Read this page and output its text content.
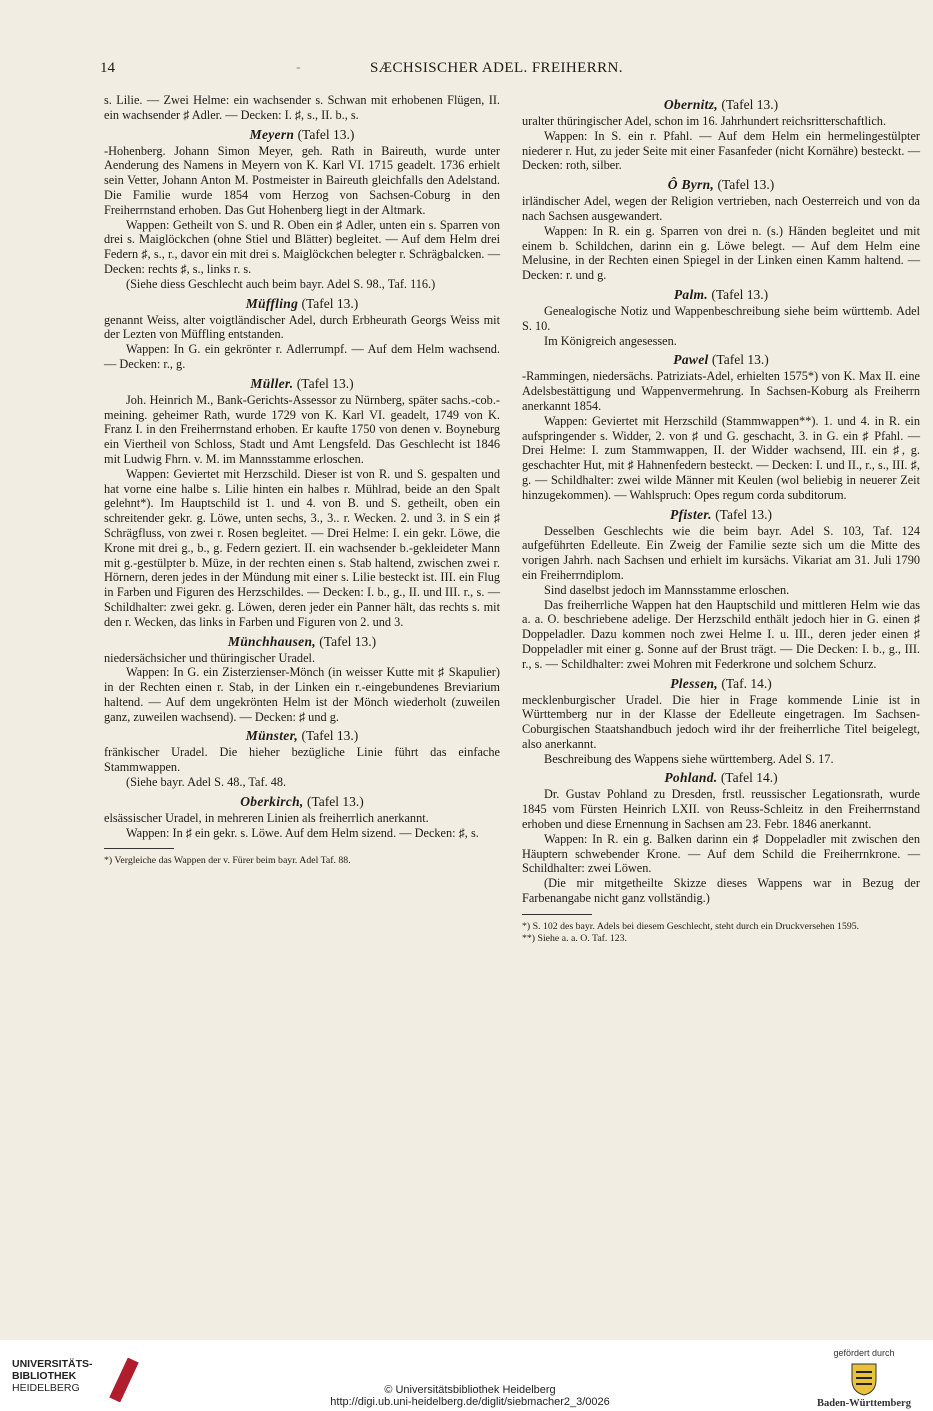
14	-	SÆCHSISCHER ADEL. FREIHERRN.

s. Lilie. — Zwei Helme: ein wachsender s. Schwan mit erhobenen Flügen, II. ein wachsender ♯ Adler. — Decken: I. ♯, s., II. b., s.

Meyern (Tafel 13.)

-Hohenberg. Johann Simon Meyer, geh. Rath in Baireuth, wurde unter Aenderung des Namens in Meyern von K. Karl VI. 1715 geadelt. 1736 erhielt sein Vetter, Johann Anton M. Postmeister in Baireuth gleichfalls den Adelstand. Die Familie wurde 1854 vom Herzog von Sachsen-Coburg in den Freiherrnstand erhoben. Das Gut Hohenberg liegt in der Altmark.

Wappen: Getheilt von S. und R. Oben ein ♯ Adler, unten ein s. Sparren von drei s. Maiglöckchen (ohne Stiel und Blätter) begleitet. — Auf dem Helm drei Federn ♯, s., r., davor ein mit drei s. Maiglöckchen belegter r. Schrägbalcken. — Decken: rechts ♯, s., links r. s.

(Siehe diess Geschlecht auch beim bayr. Adel S. 98., Taf. 116.)

Müffling (Tafel 13.)

genannt Weiss, alter voigtländischer Adel, durch Erbheurath Georgs Weiss mit der Lezten von Müffling entstanden.

Wappen: In G. ein gekrönter r. Adlerrumpf. — Auf dem Helm wachsend. — Decken: r., g.

Müller. (Tafel 13.)

Joh. Heinrich M., Bank-Gerichts-Assessor zu Nürnberg, später sachs.-cob.-meining. geheimer Rath, wurde 1729 von K. Karl VI. geadelt, 1749 von K. Franz I. in den Freiherrnstand erhoben. Er kaufte 1750 von denen v. Boyneburg ein Viertheil von Schloss, Stadt und Amt Lengsfeld. Das Geschlecht ist 1846 mit Ludwig Fhrn. v. M. im Mannsstamme erloschen.

Wappen: Geviertet mit Herzschild. Dieser ist von R. und S. gespalten und hat vorne eine halbe s. Lilie hinten ein halbes r. Mühlrad, beide an den Spalt gelehnt*). Im Hauptschild ist 1. und 4. von B. und S. getheilt, oben ein schreitender gekr. g. Löwe, unten sechs, 3., 3.. r. Wecken. 2. und 3. in S ein ♯ Schrägfluss, von zwei r. Rosen begleitet. — Drei Helme: I. ein gekr. Löwe, die Krone mit drei g., b., g. Federn geziert. II. ein wachsender b.-gekleideter Mann mit g.-gestülpter b. Müze, in der rechten einen s. Stab haltend, zwischen zwei r. Hörnern, deren jedes in der Mündung mit einer s. Lilie besteckt ist. III. ein Flug in Farben und Figuren des Herzschildes. — Decken: I. b., g., II. und III. r., s. — Schildhalter: zwei gekr. g. Löwen, deren jeder ein Panner hält, das rechts s. mit den r. Wecken, das links in Farben und Figuren von 2. und 3.

Münchhausen, (Tafel 13.)

niedersächsicher und thüringischer Uradel.

Wappen: In G. ein Zisterzienser-Mönch (in weisser Kutte mit ♯ Skapulier) in der Rechten einen r. Stab, in der Linken ein r.-eingebundenes Breviarium haltend. — Auf dem ungekrönten Helm ist der Mönch wiederholt (zuweilen ganz, zuweilen wachsend). — Decken: ♯ und g.

Münster, (Tafel 13.)

fränkischer Uradel. Die hieher bezügliche Linie führt das einfache Stammwappen.

(Siehe bayr. Adel S. 48., Taf. 48.

Oberkirch, (Tafel 13.)

elsässischer Uradel, in mehreren Linien als freiherrlich anerkannt.

Wappen: In ♯ ein gekr. s. Löwe. Auf dem Helm sizend. — Decken: ♯, s.

*) Vergleiche das Wappen der v. Fürer beim bayr. Adel Taf. 88.

Obernitz, (Tafel 13.)

uralter thüringischer Adel, schon im 16. Jahrhundert reichsritterschaftlich.

Wappen: In S. ein r. Pfahl. — Auf dem Helm ein hermelingestülpter niederer r. Hut, zu jeder Seite mit einer Fasanfeder (nicht Kornähre) besteckt. — Decken: roth, silber.

Ô Byrn, (Tafel 13.)

irländischer Adel, wegen der Religion vertrieben, nach Oesterreich und von da nach Sachsen ausgewandert.

Wappen: In R. ein g. Sparren von drei n. (s.) Händen begleitet und mit einem b. Schildchen, darinn ein g. Löwe belegt. — Auf dem Helm eine Melusine, in der Rechten einen Spiegel in der Linken einen Kamm haltend. — Decken: r. und g.

Palm. (Tafel 13.)

Genealogische Notiz und Wappenbeschreibung siehe beim württemb. Adel S. 10.

Im Königreich angesessen.

Pawel (Tafel 13.)

-Rammingen, niedersächs. Patriziats-Adel, erhielten 1575*) von K. Max II. eine Adelsbestättigung und Wappenvermehrung. In Sachsen-Koburg als Freiherrn anerkannt 1854.

Wappen: Geviertet mit Herzschild (Stammwappen**). 1. und 4. in R. ein aufspringender s. Widder, 2. von ♯ und G. geschacht, 3. in G. ein ♯ Pfahl. — Drei Helme: I. zum Stammwappen, II. der Widder wachsend, III. ein ♯, g. geschachter Hut, mit ♯ Hahnenfedern besteckt. — Decken: I. und II., r., s., III. ♯, g. — Schildhalter: zwei wilde Männer mit Keulen (wol beliebig in neuerer Zeit hinzugekommen). — Wahlspruch: Opes regum corda subditorum.

Pfister. (Tafel 13.)

Desselben Geschlechts wie die beim bayr. Adel S. 103, Taf. 124 aufgeführten Edelleute. Ein Zweig der Familie sezte sich um die Mitte des vorigen Jahrh. nach Sachsen und erhielt im kursächs. Vikariat am 31. Juli 1790 ein Freiherrndiplom.

Sind daselbst jedoch im Mannsstamme erloschen.

Das freiherrliche Wappen hat den Hauptschild und mittleren Helm wie das a. a. O. beschriebene adelige. Der Herzschild enthält jedoch hier in G. einen ♯ Doppeladler. Dazu kommen noch zwei Helme I. u. III., deren jeder einen ♯ Doppeladler mit einer g. Sonne auf der Brust trägt. — Die Decken: I. b., g., III. r., s. — Schildhalter: zwei Mohren mit Federkrone und solchem Schurz.

Plessen, (Taf. 14.)

mecklenburgischer Uradel. Die hier in Frage kommende Linie ist in Württemberg nur in der Klasse der Edelleute eingetragen. Im Sachsen-Coburgischen Staatshandbuch jedoch wird ihr der freiherrliche Titel beigelegt, also anerkannt.

Beschreibung des Wappens siehe württemberg. Adel S. 17.

Pohland. (Tafel 14.)

Dr. Gustav Pohland zu Dresden, frstl. reussischer Legationsrath, wurde 1845 vom Fürsten Heinrich LXII. von Reuss-Schleitz in den Freiherrnstand erhoben und diese Ernennung in Sachsen am 23. Febr. 1846 anerkannt.

Wappen: In R. ein g. Balken darinn ein ♯ Doppeladler mit zwischen den Häuptern schwebender Krone. — Auf dem Schild die Freiherrnkrone. — Schildhalter: zwei Löwen.

(Die mir mitgetheilte Skizze dieses Wappens war in Bezug der Farbenangabe nicht ganz vollständig.)

*) S. 102 des bayr. Adels bei diesem Geschlecht, steht durch ein Druckversehen 1595.

**) Siehe a. a. O. Taf. 123.

UNIVERSITÄTS-
BIBLIOTHEK
HEIDELBERG	© Universitätsbibliothek Heidelberg
http://digi.ub.uni-heidelberg.de/diglit/siebmacher2_3/0026
gefördert durch
Baden-Württemberg
